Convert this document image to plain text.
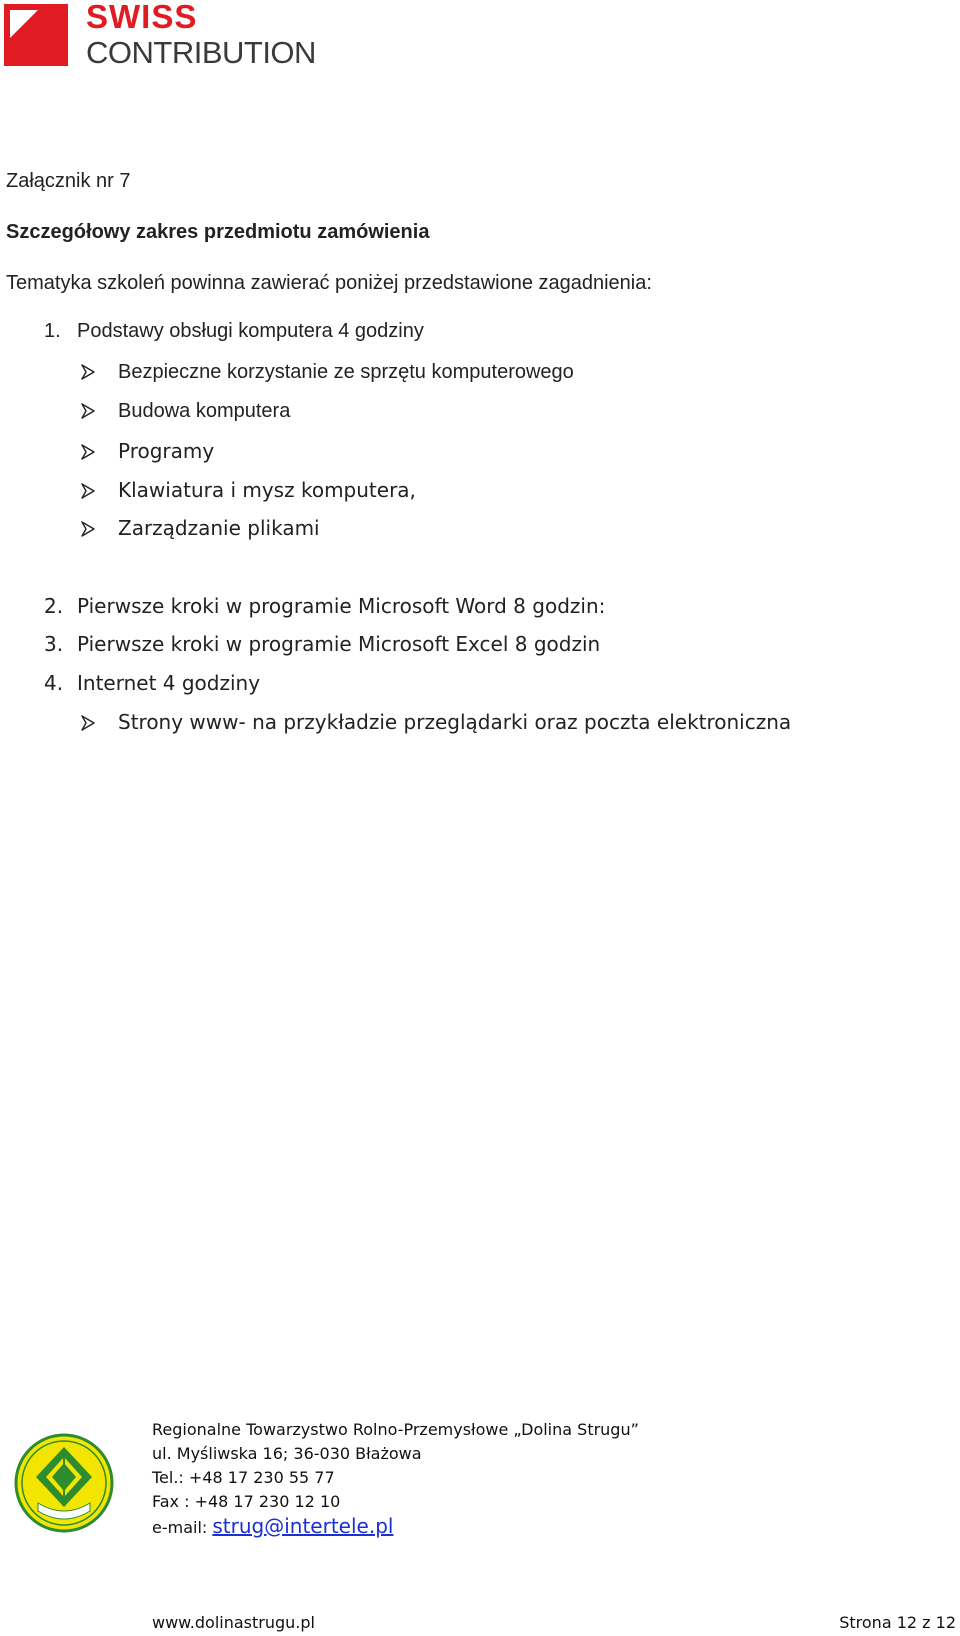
SWISS
CONTRIBUTION
Załącznik nr 7
Szczegółowy zakres przedmiotu zamówienia
Tematyka szkoleń powinna zawierać poniżej przedstawione zagadnienia:
1. Podstawy obsługi komputera 4 godziny
Bezpieczne korzystanie ze sprzętu komputerowego
Budowa komputera
Programy
Klawiatura i mysz komputera,
Zarządzanie plikami
2. Pierwsze kroki w programie Microsoft Word 8 godzin:
3. Pierwsze kroki w programie Microsoft Excel 8 godzin
4. Internet 4 godziny
Strony www- na przykładzie przeglądarki oraz poczta elektroniczna
Regionalne Towarzystwo Rolno-Przemysłowe „Dolina Strugu”
ul. Myśliwska 16; 36-030 Błażowa
Tel.: +48 17 230 55 77
Fax : +48 17 230 12 10
e-mail: strug@intertele.pl
www.dolinastrugu.pl	Strona 12 z 12
